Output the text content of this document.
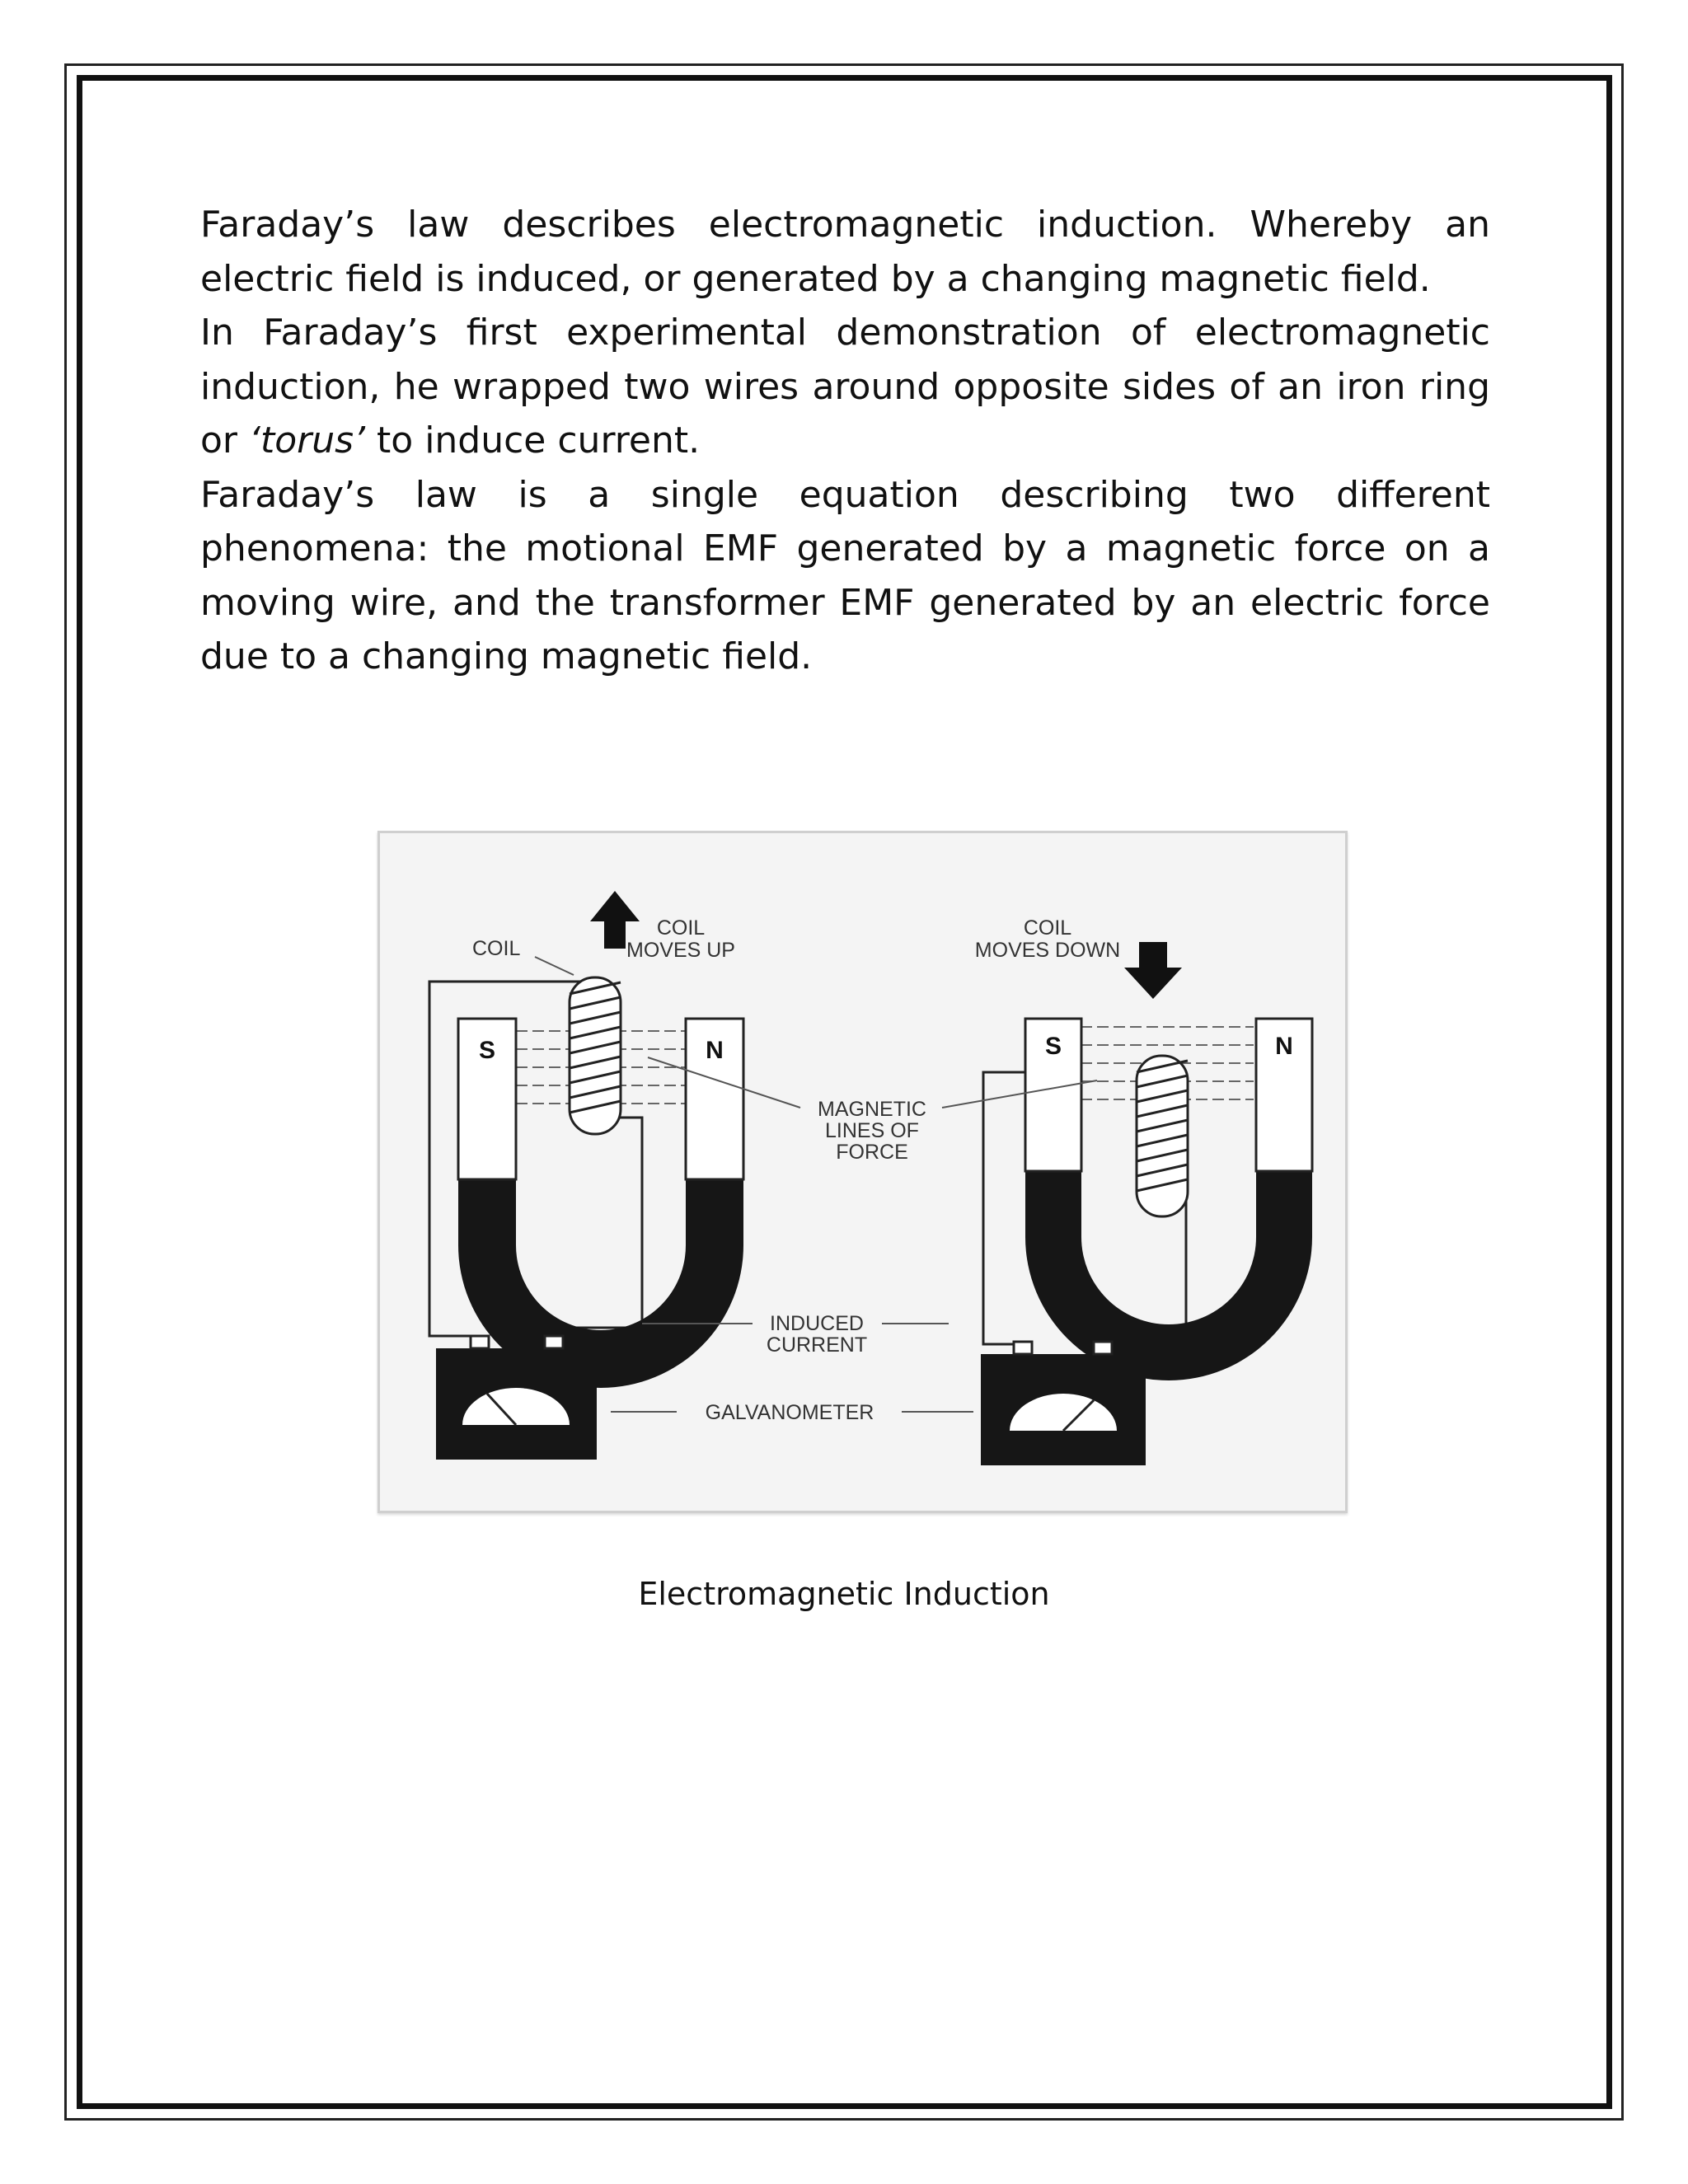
Faraday’s law describes electromagnetic induction. Whereby an electric field is induced, or generated by a changing magnetic field.

In Faraday’s first experimental demonstration of electromagnetic induction, he wrapped two wires around opposite sides of an iron ring or ‘torus’ to induce current.

Faraday’s law is a single equation describing two different phenomena: the motional EMF generated by a magnetic force on a moving wire, and the transformer EMF generated by an electric force due to a changing magnetic field.

COIL
COIL
MOVES UP
COIL
MOVES DOWN
S	N	S	N
MAGNETIC
LINES OF
FORCE
INDUCED
CURRENT
GALVANOMETER
Electromagnetic Induction
